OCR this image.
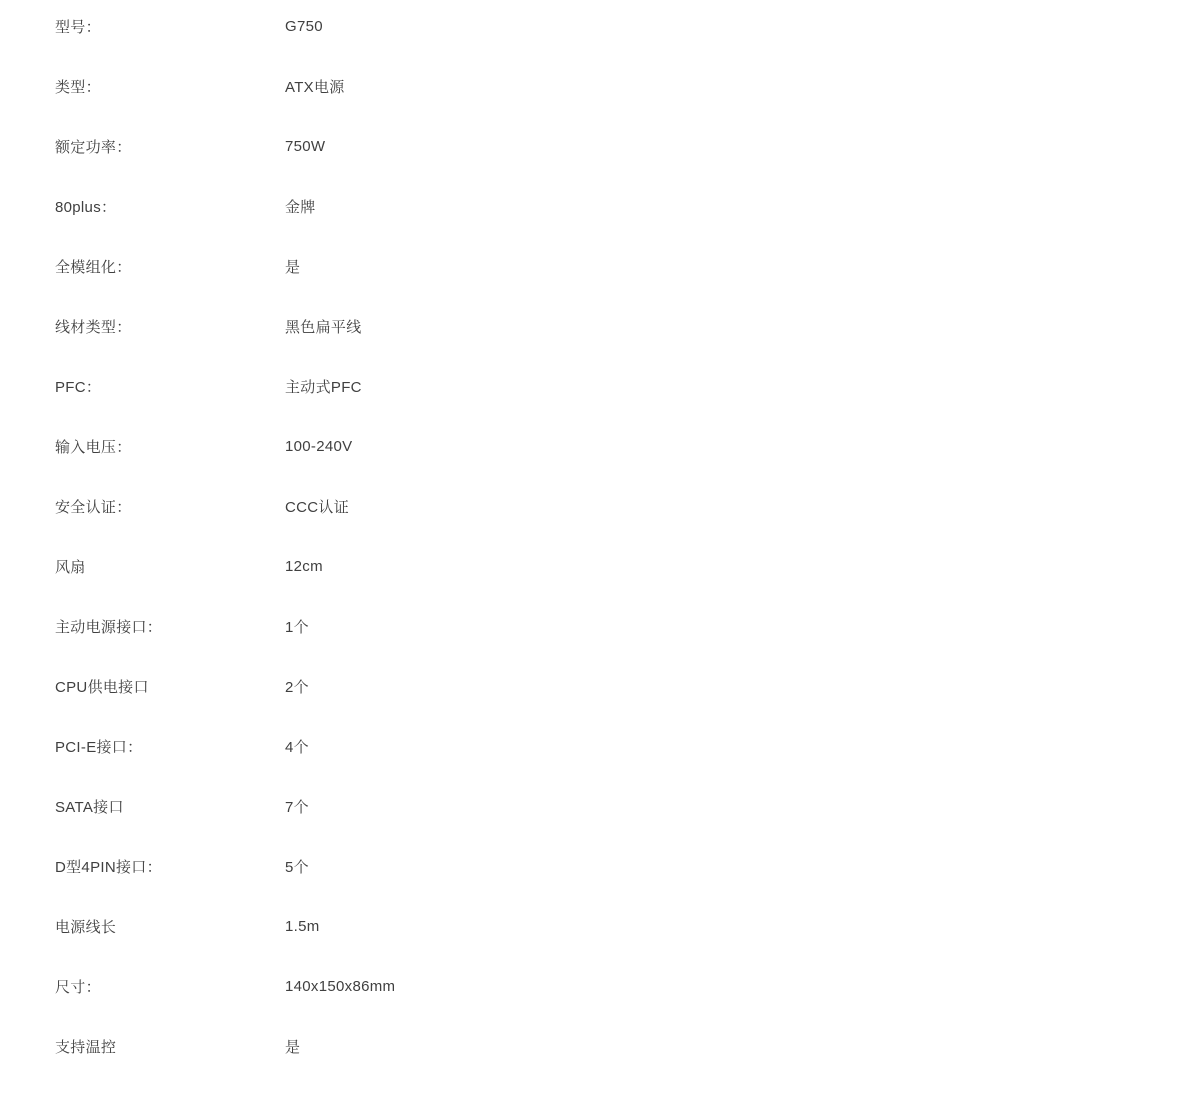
型号：	G750
类型：	ATX电源
额定功率：	750W
80plus：	金牌
全模组化：	是
线材类型：	黑色扁平线
PFC：	主动式PFC
输入电压：	100-240V
安全认证：	CCC认证
风扇	12cm
主动电源接口：	1个
CPU供电接口	2个
PCI-E接口：	4个
SATA接口	7个
D型4PIN接口：	5个
电源线长	1.5m
尺寸：	140x150x86mm
支持温控	是
